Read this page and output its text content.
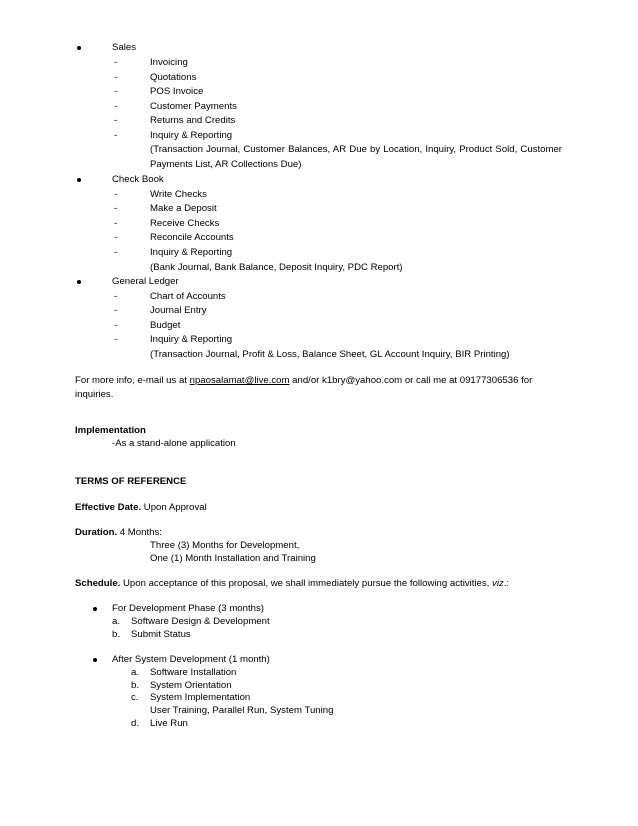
Sales
-	Invoicing
-	Quotations
-	POS Invoice
-	Customer Payments
-	Returns and Credits
-	Inquiry & Reporting
(Transaction Journal, Customer Balances, AR Due by Location, Inquiry, Product Sold, Customer Payments List, AR Collections Due)
Check Book
-	Write Checks
-	Make a Deposit
-	Receive Checks
-	Reconcile Accounts
-	Inquiry & Reporting
(Bank Journal, Bank Balance, Deposit Inquiry, PDC Report)
General Ledger
-	Chart of Accounts
-	Journal Entry
-	Budget
-	Inquiry & Reporting
(Transaction Journal, Profit & Loss, Balance Sheet, GL Account Inquiry, BIR Printing)
For more info, e-mail us at npaosalamat@live.com and/or k1bry@yahoo.com or call me at 09177306536 for inquiries.
Implementation
-As a stand-alone application
TERMS OF REFERENCE
Effective Date. Upon Approval
Duration. 4 Months:
Three (3) Months for Development,
One (1) Month Installation and Training
Schedule. Upon acceptance of this proposal, we shall immediately pursue the following activities, viz.:
For Development Phase (3 months)
a. Software Design & Development
b. Submit Status
After System Development (1 month)
a. Software Installation
b. System Orientation
c. System Implementation
User Training, Parallel Run, System Tuning
d. Live Run
